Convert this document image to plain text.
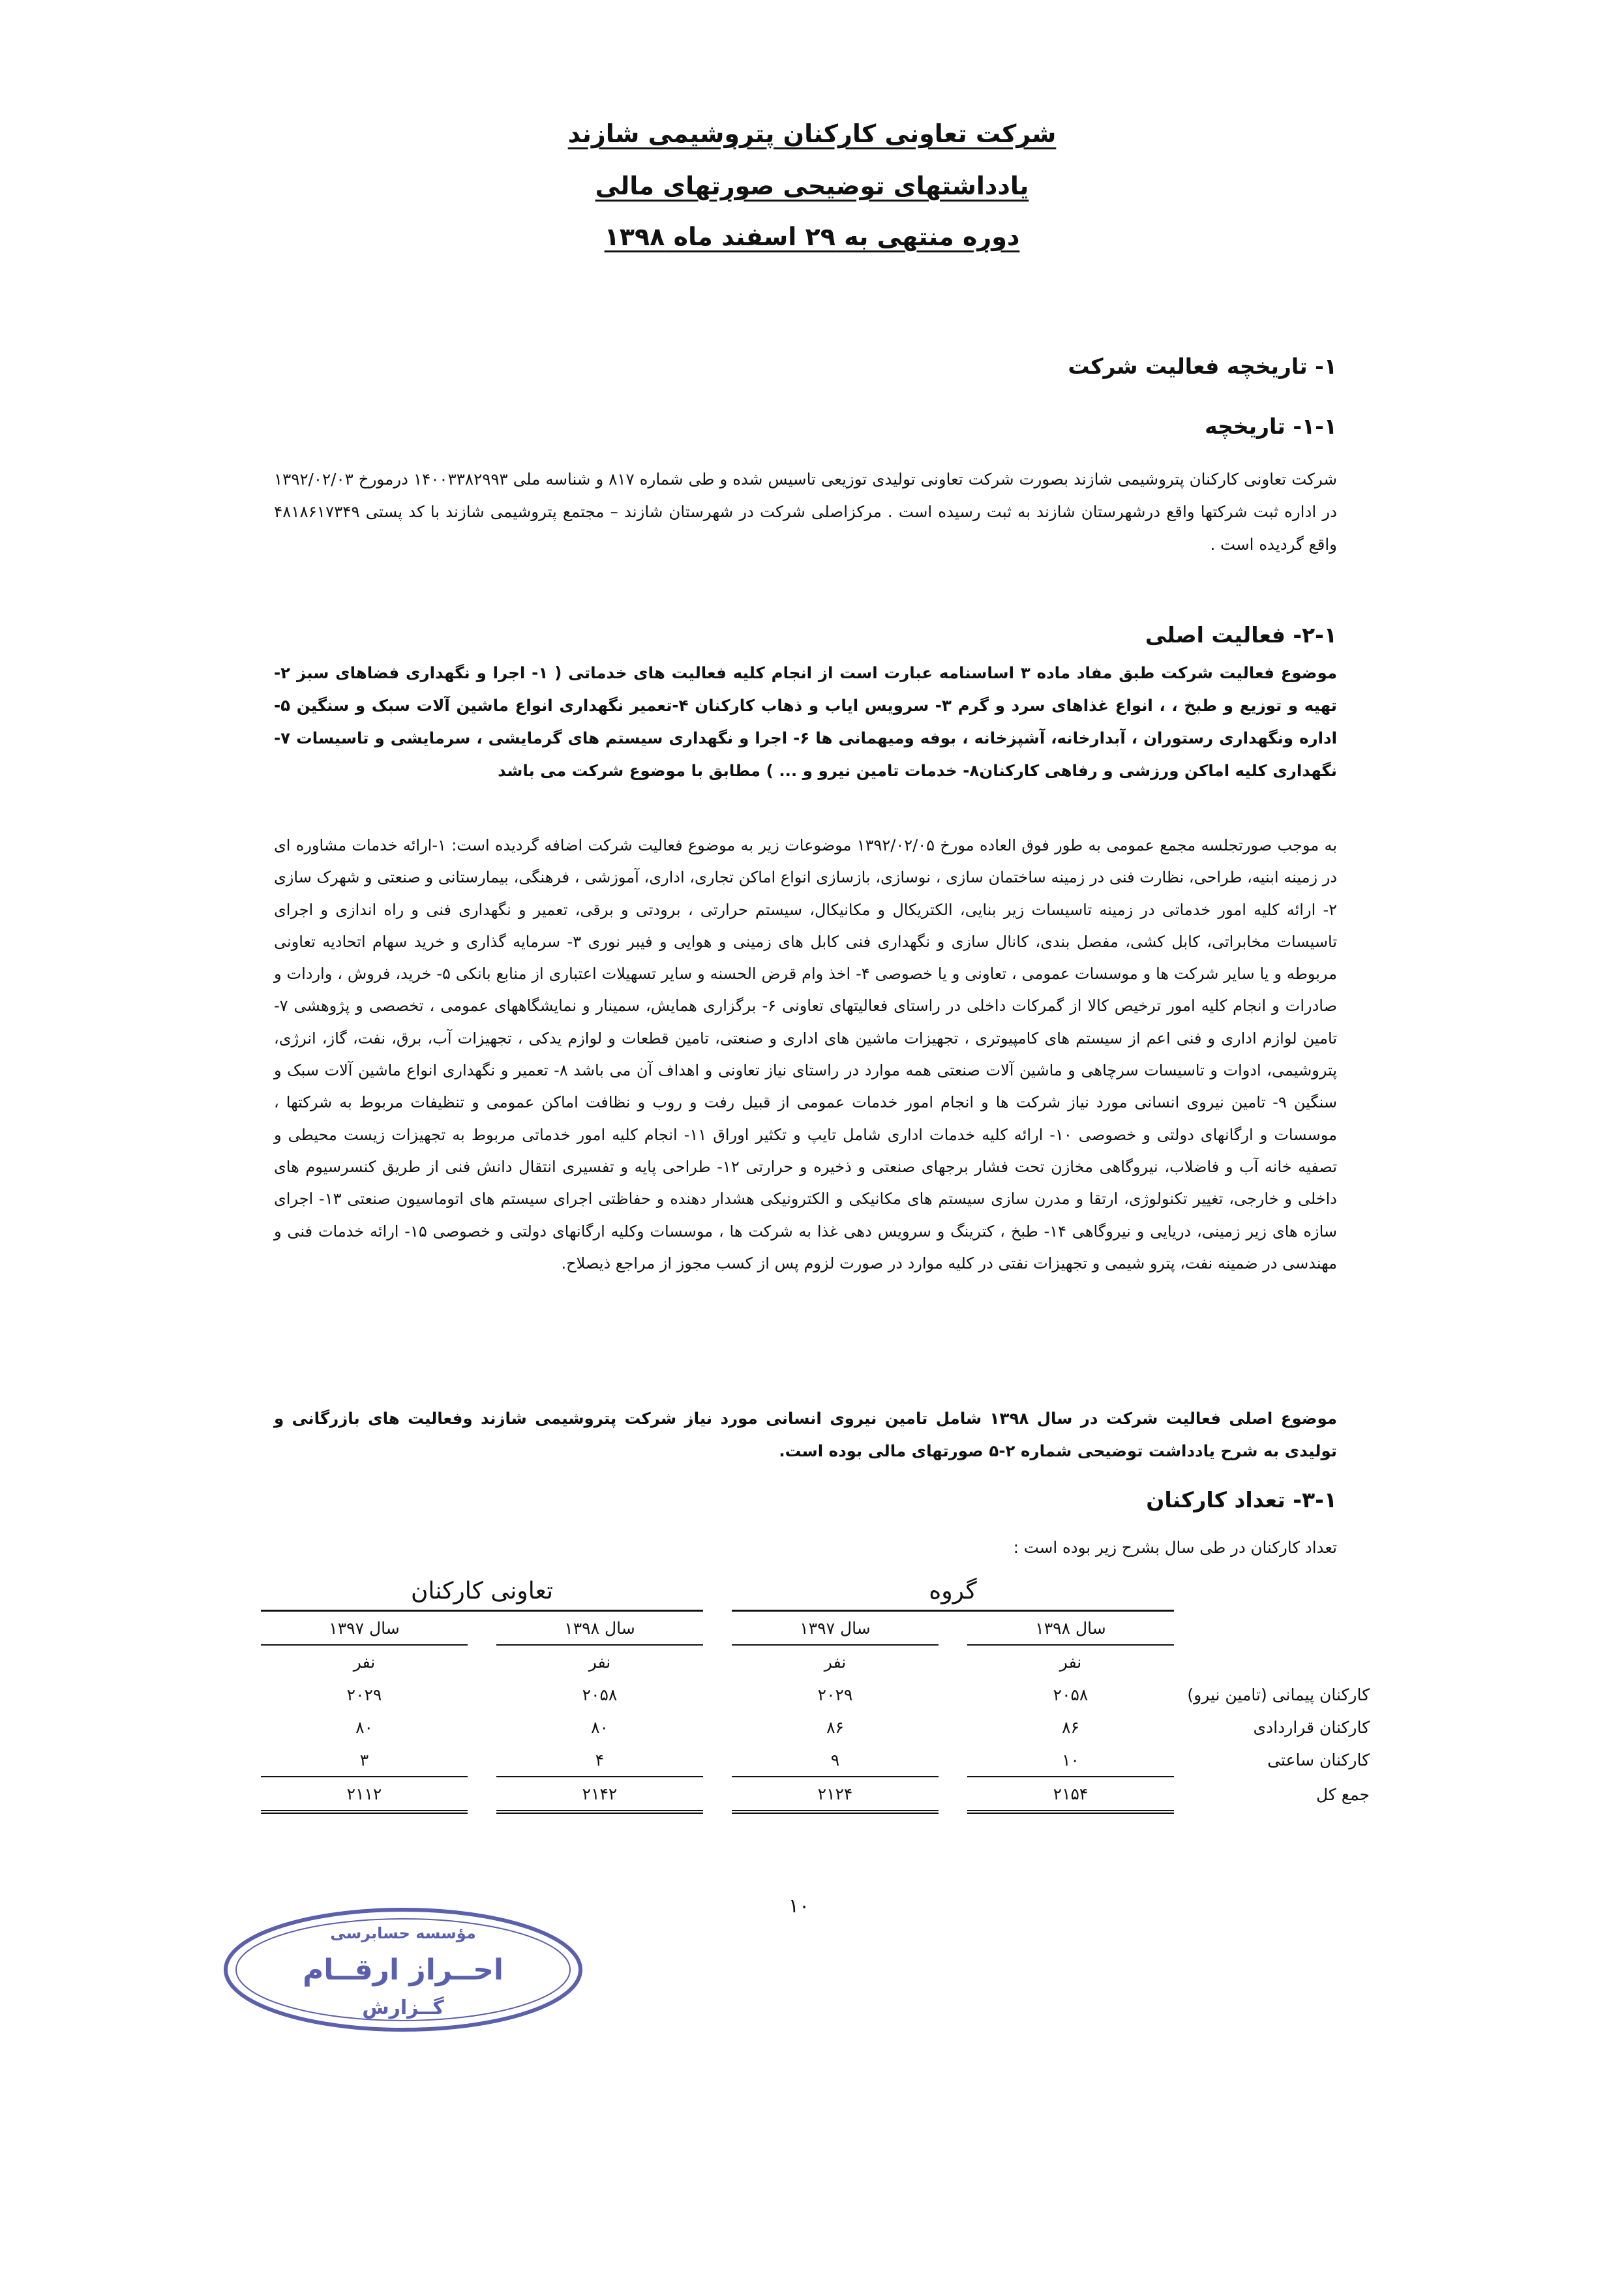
شرکت تعاونی کارکنان پتروشیمی شازند
یادداشتهای توضیحی صورتهای مالی
دوره منتهی به ۲۹ اسفند ماه ۱۳۹۸
۱- تاریخچه فعالیت شرکت
۱-۱- تاریخچه
شرکت تعاونی کارکنان پتروشیمی شازند بصورت شرکت تعاونی تولیدی توزیعی تاسیس شده و طی شماره ۸۱۷ و شناسه ملی ۱۴۰۰۳۳۸۲۹۹۳ درمورخ ۱۳۹۲/۰۲/۰۳ در اداره ثبت شرکتها واقع درشهرستان شازند به ثبت رسیده است . مرکزاصلی شرکت در شهرستان شازند – مجتمع پتروشیمی شازند با کد پستی ۴۸۱۸۶۱۷۳۴۹ واقع گردیده است .
۲-۱- فعالیت اصلی
موضوع فعالیت شرکت طبق مفاد ماده ۳ اساسنامه عبارت است از انجام کلیه فعالیت های خدماتی ( ۱- اجرا و نگهداری فضاهای سبز ۲- تهیه و توزیع و طبخ ، ، انواع غذاهای سرد و گرم ۳- سرویس ایاب و ذهاب کارکنان ۴-تعمیر نگهداری انواع ماشین آلات سبک و سنگین ۵- اداره ونگهداری رستوران ، آبدارخانه، آشپزخانه ، بوفه ومیهمانی ها ۶- اجرا و نگهداری سیستم های گرمایشی ، سرمایشی و تاسیسات ۷- نگهداری کلیه اماکن ورزشی و رفاهی کارکنان۸- خدمات تامین نیرو و ... ) مطابق با موضوع شرکت می باشد
به موجب صورتجلسه مجمع عمومی به طور فوق العاده مورخ ۱۳۹۲/۰۲/۰۵ موضوعات زیر به موضوع فعالیت شرکت اضافه گردیده است: ۱-ارائه خدمات مشاوره ای در زمینه ابنیه، طراحی، نظارت فنی در زمینه ساختمان سازی ، نوسازی، بازسازی انواع اماکن تجاری، اداری، آموزشی ، فرهنگی، بیمارستانی و صنعتی و شهرک سازی ۲- ارائه کلیه امور خدماتی در زمینه تاسیسات زیر بنایی، الکتریکال و مکانیکال، سیستم حرارتی ، برودتی و برقی، تعمیر و نگهداری فنی و راه اندازی و اجرای تاسیسات مخابراتی، کابل کشی، مفصل بندی، کانال سازی و نگهداری فنی کابل های زمینی و هوایی و فیبر نوری ۳- سرمایه گذاری و خرید سهام اتحادیه تعاونی مربوطه و یا سایر شرکت ها و موسسات عمومی ، تعاونی و یا خصوصی ۴- اخذ وام قرض الحسنه و سایر تسهیلات اعتباری از منابع بانکی ۵- خرید، فروش ، واردات و صادرات و انجام کلیه امور ترخیص کالا از گمرکات داخلی در راستای فعالیتهای تعاونی ۶- برگزاری همایش، سمینار و نمایشگاههای عمومی ، تخصصی و پژوهشی ۷- تامین لوازم اداری و فنی اعم از سیستم های کامپیوتری ، تجهیزات ماشین های اداری و صنعتی، تامین قطعات و لوازم یدکی ، تجهیزات آب، برق، نفت، گاز، انرژی، پتروشیمی، ادوات و تاسیسات سرچاهی و ماشین آلات صنعتی همه موارد در راستای نیاز تعاونی و اهداف آن می باشد ۸- تعمیر و نگهداری انواع ماشین آلات سبک و سنگین ۹- تامین نیروی انسانی مورد نیاز شرکت ها و انجام امور خدمات عمومی از قبیل رفت و روب و نظافت اماکن عمومی و تنظیفات مربوط به شرکتها ، موسسات و ارگانهای دولتی و خصوصی ۱۰- ارائه کلیه خدمات اداری شامل تایپ و تکثیر اوراق ۱۱- انجام کلیه امور خدماتی مربوط به تجهیزات زیست محیطی و تصفیه خانه آب و فاضلاب، نیروگاهی مخازن تحت فشار برجهای صنعتی و ذخیره و حرارتی ۱۲- طراحی پایه و تفسیری انتقال دانش فنی از طریق کنسرسیوم های داخلی و خارجی، تغییر تکنولوژی، ارتقا و مدرن سازی سیستم های مکانیکی و الکترونیکی هشدار دهنده و حفاظتی اجرای سیستم های اتوماسیون صنعتی ۱۳- اجرای سازه های زیر زمینی، دریایی و نیروگاهی ۱۴- طبخ ، کترینگ و سرویس دهی غذا به شرکت ها ، موسسات وکلیه ارگانهای دولتی و خصوصی ۱۵- ارائه خدمات فنی و مهندسی در ضمینه نفت، پترو شیمی و تجهیزات نفتی در کلیه موارد در صورت لزوم پس از کسب مجوز از مراجع ذیصلاح.
موضوع اصلی فعالیت شرکت در سال ۱۳۹۸ شامل تامین نیروی انسانی مورد نیاز شرکت پتروشیمی شازند وفعالیت های بازرگانی و تولیدی به شرح یادداشت توضیحی شماره ۲-۵ صورتهای مالی بوده است.
۳-۱- تعداد کارکنان
تعداد کارکنان در طی سال بشرح زیر بوده است :
	گروه				تعاونی کارکنان		
	سال ۱۳۹۸		سال ۱۳۹۷		سال ۱۳۹۸		سال ۱۳۹۷
	نفر		نفر		نفر		نفر
کارکنان پیمانی (تامین نیرو)	۲۰۵۸		۲۰۲۹		۲۰۵۸		۲۰۲۹
کارکنان قراردادی	۸۶		۸۶		۸۰		۸۰
کارکنان ساعتی	۱۰		۹		۴		۳
جمع کل	۲۱۵۴		۲۱۲۴		۲۱۴۲		۲۱۱۲
۱۰
مؤسسه حسابرسی
احــراز ارقــام
گــزارش
